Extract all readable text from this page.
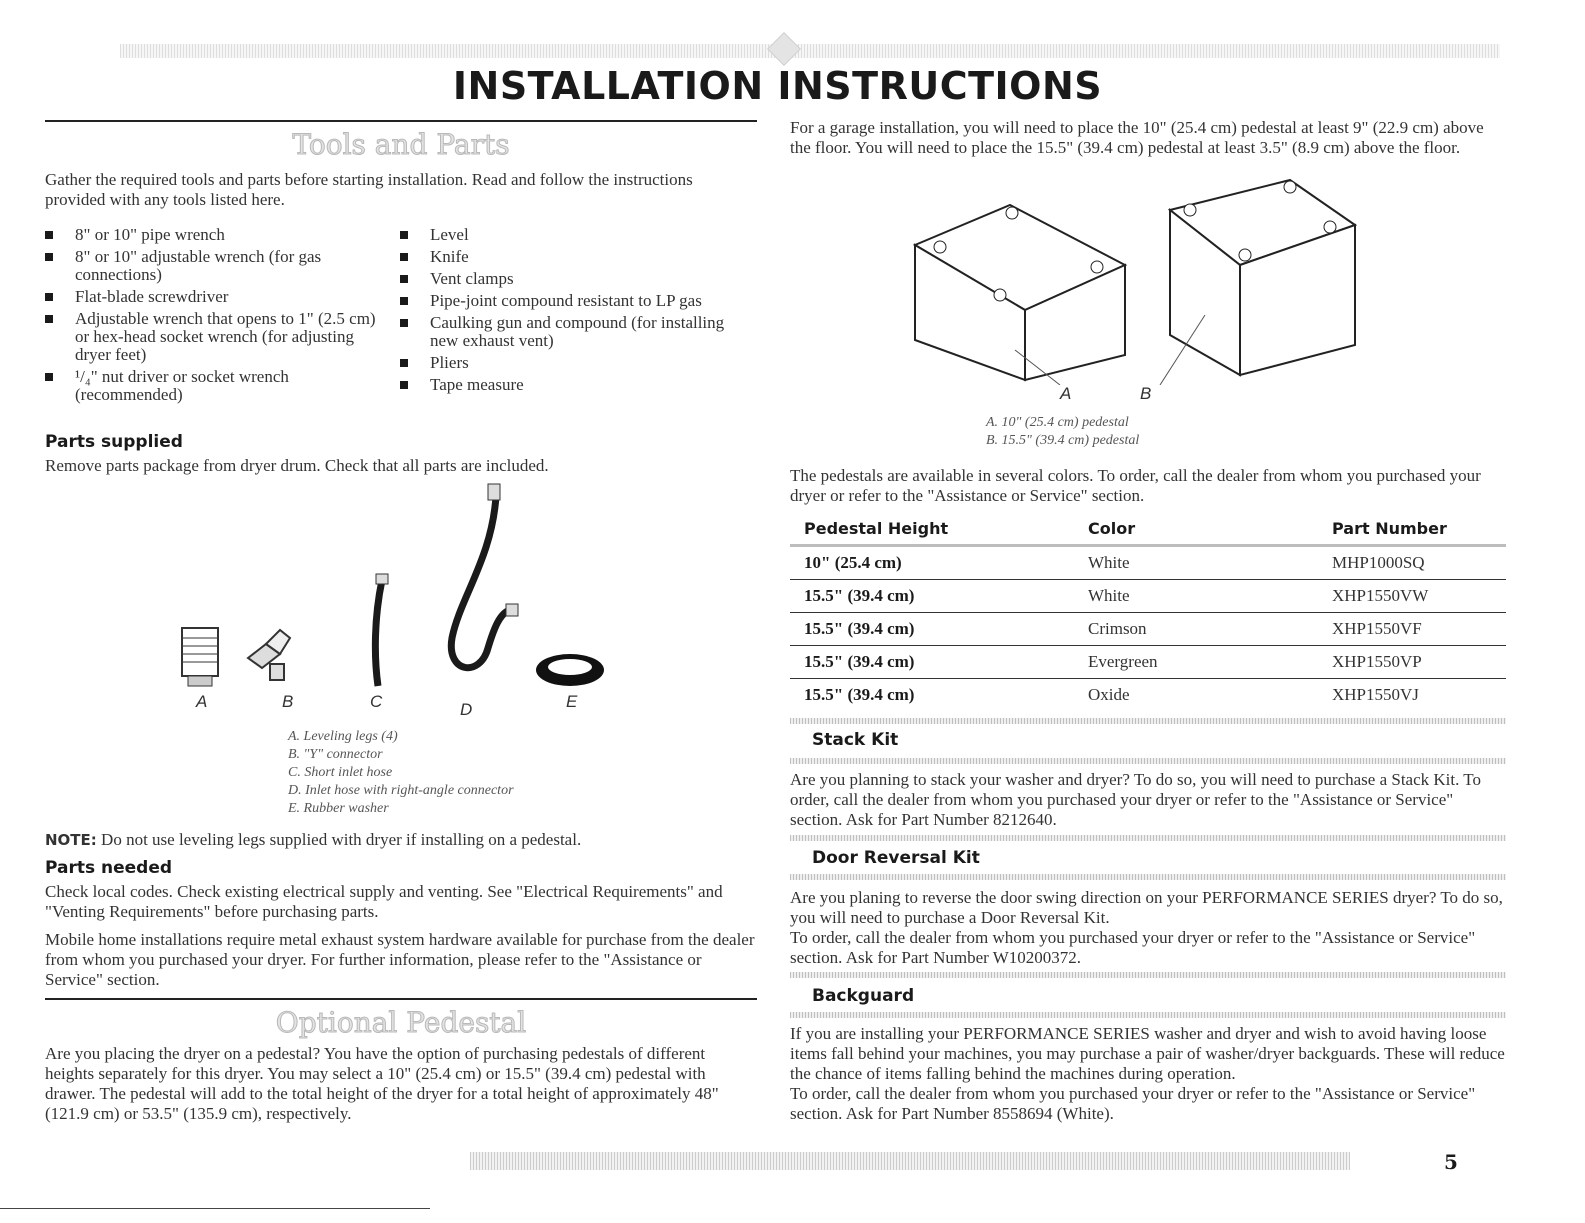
INSTALLATION INSTRUCTIONS
Tools and Parts

Gather the required tools and parts before starting installation. Read and follow the instructions provided with any tools listed here.

8" or 10" pipe wrench
8" or 10" adjustable wrench (for gas connections)
Flat-blade screwdriver
Adjustable wrench that opens to 1" (2.5 cm) or hex-head socket wrench (for adjusting dryer feet)
¹/₄" nut driver or socket wrench (recommended)
Level
Knife
Vent clamps
Pipe-joint compound resistant to LP gas
Caulking gun and compound (for installing new exhaust vent)
Pliers
Tape measure
Parts supplied

Remove parts package from dryer drum. Check that all parts are included.

A	B	C	D	E
A. Leveling legs (4)
B. "Y" connector
C. Short inlet hose
D. Inlet hose with right-angle connector
E. Rubber washer

NOTE: Do not use leveling legs supplied with dryer if installing on a pedestal.

Parts needed

Check local codes. Check existing electrical supply and venting. See "Electrical Requirements" and "Venting Requirements" before purchasing parts.

Mobile home installations require metal exhaust system hardware available for purchase from the dealer from whom you purchased your dryer. For further information, please refer to the "Assistance or Service" section.

Optional Pedestal

Are you placing the dryer on a pedestal? You have the option of purchasing pedestals of different heights separately for this dryer. You may select a 10" (25.4 cm) or 15.5" (39.4 cm) pedestal with drawer. The pedestal will add to the total height of the dryer for a total height of approximately 48" (121.9 cm) or 53.5" (135.9 cm), respectively.

For a garage installation, you will need to place the 10" (25.4 cm) pedestal at least 9" (22.9 cm) above the floor. You will need to place the 15.5" (39.4 cm) pedestal at least 3.5" (8.9 cm) above the floor.

A	B
A. 10" (25.4 cm) pedestal
B. 15.5" (39.4 cm) pedestal

The pedestals are available in several colors. To order, call the dealer from whom you purchased your dryer or refer to the "Assistance or Service" section.

Pedestal Height	Color	Part Number
10" (25.4 cm)	White	MHP1000SQ
15.5" (39.4 cm)	White	XHP1550VW
15.5" (39.4 cm)	Crimson	XHP1550VF
15.5" (39.4 cm)	Evergreen	XHP1550VP
15.5" (39.4 cm)	Oxide	XHP1550VJ
Stack Kit

Are you planning to stack your washer and dryer? To do so, you will need to purchase a Stack Kit. To order, call the dealer from whom you purchased your dryer or refer to the "Assistance or Service" section. Ask for Part Number 8212640.

Door Reversal Kit

Are you planing to reverse the door swing direction on your PERFORMANCE SERIES dryer? To do so, you will need to purchase a Door Reversal Kit.

To order, call the dealer from whom you purchased your dryer or refer to the "Assistance or Service" section. Ask for Part Number W10200372.

Backguard

If you are installing your PERFORMANCE SERIES washer and dryer and wish to avoid having loose items fall behind your machines, you may purchase a pair of washer/dryer backguards. These will reduce the chance of items falling behind the machines during operation.

To order, call the dealer from whom you purchased your dryer or refer to the "Assistance or Service" section. Ask for Part Number 8558694 (White).

5
